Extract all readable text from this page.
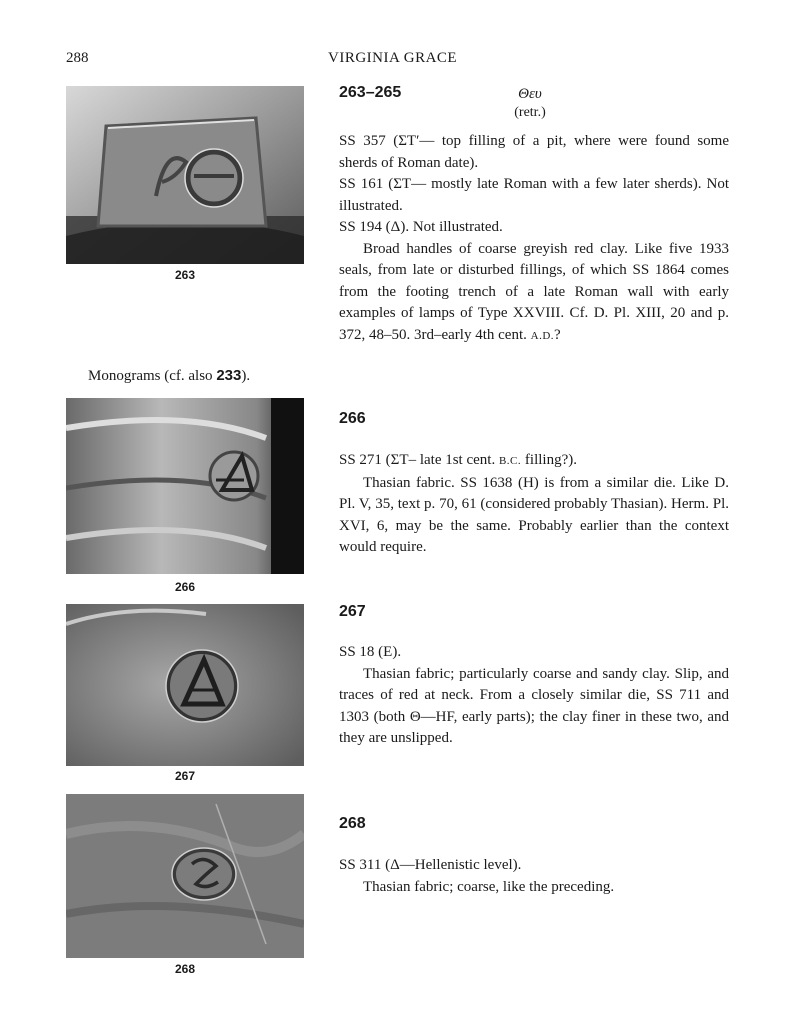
288	VIRGINIA GRACE
263
Monograms (cf. also 233).
266
267
268
263–265	Θευ
(retr.)

SS 357 (ΣΤ′— top filling of a pit, where were found some sherds of Roman date).

SS 161 (ΣΤ— mostly late Roman with a few later sherds). Not illustrated.

SS 194 (Δ). Not illustrated.

Broad handles of coarse greyish red clay. Like five 1933 seals, from late or disturbed fillings, of which SS 1864 comes from the footing trench of a late Roman wall with early examples of lamps of Type XXVIII. Cf. D. Pl. XIII, 20 and p. 372, 48–50. 3rd–early 4th cent. A.D.?

266

SS 271 (ΣΤ– late 1st cent. B.C. filling?).

Thasian fabric. SS 1638 (H) is from a similar die. Like D. Pl. V, 35, text p. 70, 61 (considered probably Thasian). Herm. Pl. XVI, 6, may be the same. Probably earlier than the context would require.

267

SS 18 (E).

Thasian fabric; particularly coarse and sandy clay. Slip, and traces of red at neck. From a closely similar die, SS 711 and 1303 (both Θ—HF, early parts); the clay finer in these two, and they are unslipped.

268

SS 311 (Δ—Hellenistic level).

Thasian fabric; coarse, like the preceding.
